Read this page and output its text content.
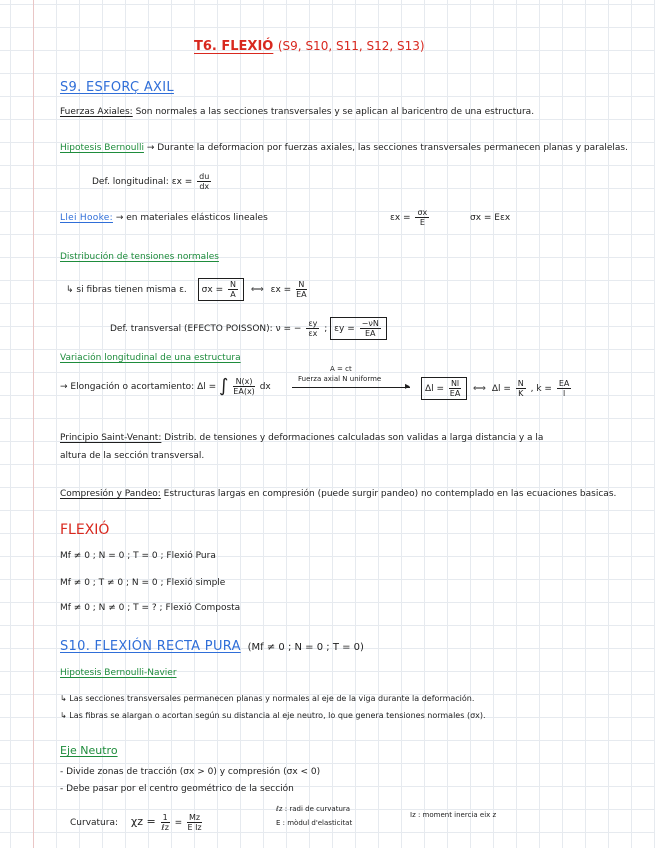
T6. FLEXIÓ (S9, S10, S11, S12, S13)
S9. ESFORÇ AXIL
Fuerzas Axiales: Son normales a las secciones transversales y se aplican al baricentro de una estructura.
Hipotesis Bernoulli → Durante la deformacion por fuerzas axiales, las secciones transversales permanecen planas y paralelas.
Def. longitudinal: $\varepsilon x = \frac{du}{dx}$
Llei Hooke: → en materiales elásticos lineales	$\varepsilon x = \frac{\sigma x}{E}$	σx = Eεx
Distribución de tensiones normales
↳ si fibras tienen misma ε. $\sigma x = \frac{N}{A}$ ⟺ $\varepsilon x = \frac{N}{EA}$
Def. transversal (EFECTO POISSON): ν = − $\frac{\varepsilon y}{\varepsilon x}$ ; $\varepsilon y = \frac{-\nu N}{EA}$
Variación longitudinal de una estructura
→ Elongación o acortamiento: Δl = ∫ $\frac{N(x)}{EA(x)}$ dx
A = ct
Fuerza axial N uniforme
▸	$\Delta l = \frac{Nl}{EA}$ ⟺ $\Delta l = \frac{N}{K}$ , $k = \frac{EA}{l}$
Principio Saint-Venant: Distrib. de tensiones y deformaciones calculadas son validas a larga distancia y a la
altura de la sección transversal.
Compresión y Pandeo: Estructuras largas en compresión (puede surgir pandeo) no contemplado en las ecuaciones basicas.
FLEXIÓ
Mf ≠ 0 ; N = 0 ; T = 0 ; Flexió Pura
Mf ≠ 0 ; T ≠ 0 ; N = 0 ; Flexió simple
Mf ≠ 0 ; N ≠ 0 ; T = ? ; Flexió Composta
S10. FLEXIÓN RECTA PURA (Mf ≠ 0 ; N = 0 ; T = 0)
Hipotesis Bernoulli-Navier
↳ Las secciones transversales permanecen planas y normales al eje de la viga durante la deformación.
↳ Las fibras se alargan o acortan según su distancia al eje neutro, lo que genera tensiones normales (σx).
Eje Neutro
- Divide zonas de tracción (σx > 0) y compresión (σx < 0)
- Debe pasar por el centro geométrico de la sección
Curvatura: $\chi z = \frac{1}{\text{ℓz}} = \frac{Mz}{\text{E Iz}}$
ℓz : radi de curvatura
E : mòdul d'elasticitat
Iz : moment inercia eix z
